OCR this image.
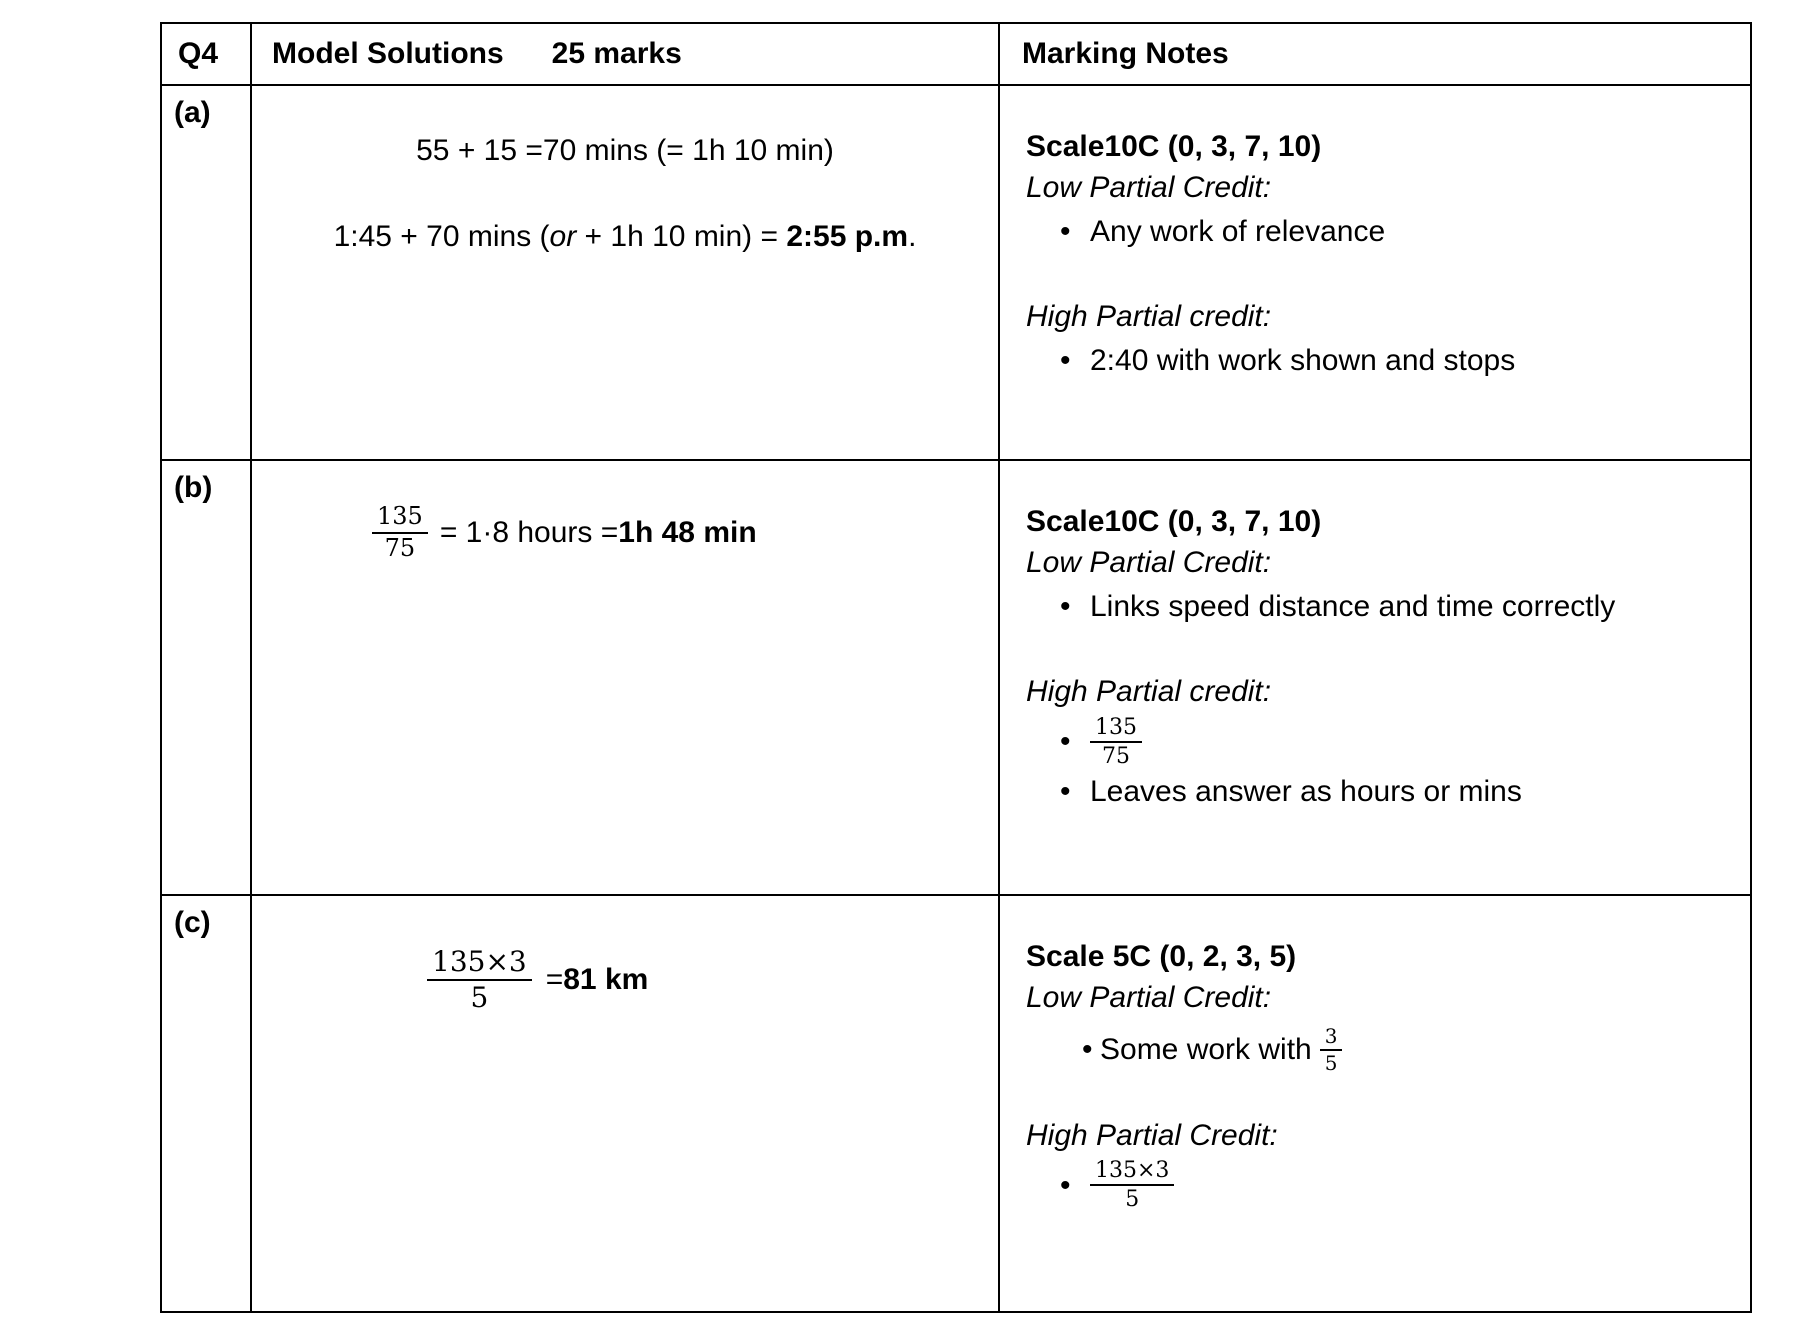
Q4 Model Solutions 25 marks	Marking Notes
(a)
55 + 15 =70 mins (= 1h 10 min)
1:45 + 70 mins (or + 1h 10 min) = 2:55 p.m.
Scale10C (0, 3, 7, 10)
Low Partial Credit:
• Any work of relevance
High Partial credit:
• 2:40 with work shown and stops
(b)
$\frac{135}{75} = 1\cdot 8$ hours = 1h 48 min	Scale10C (0, 3, 7, 10)
Low Partial Credit:
• Links speed distance and time correctly
High Partial credit:
• $\frac{135}{75}$
• Leaves answer as hours or mins
(c)
$\frac{135\times 3}{5} = 81$ km
Scale 5C (0, 2, 3, 5)
Low Partial Credit:
• Some work with $\frac{3}{5}$
High Partial Credit:
• $\frac{135\times 3}{5}$
